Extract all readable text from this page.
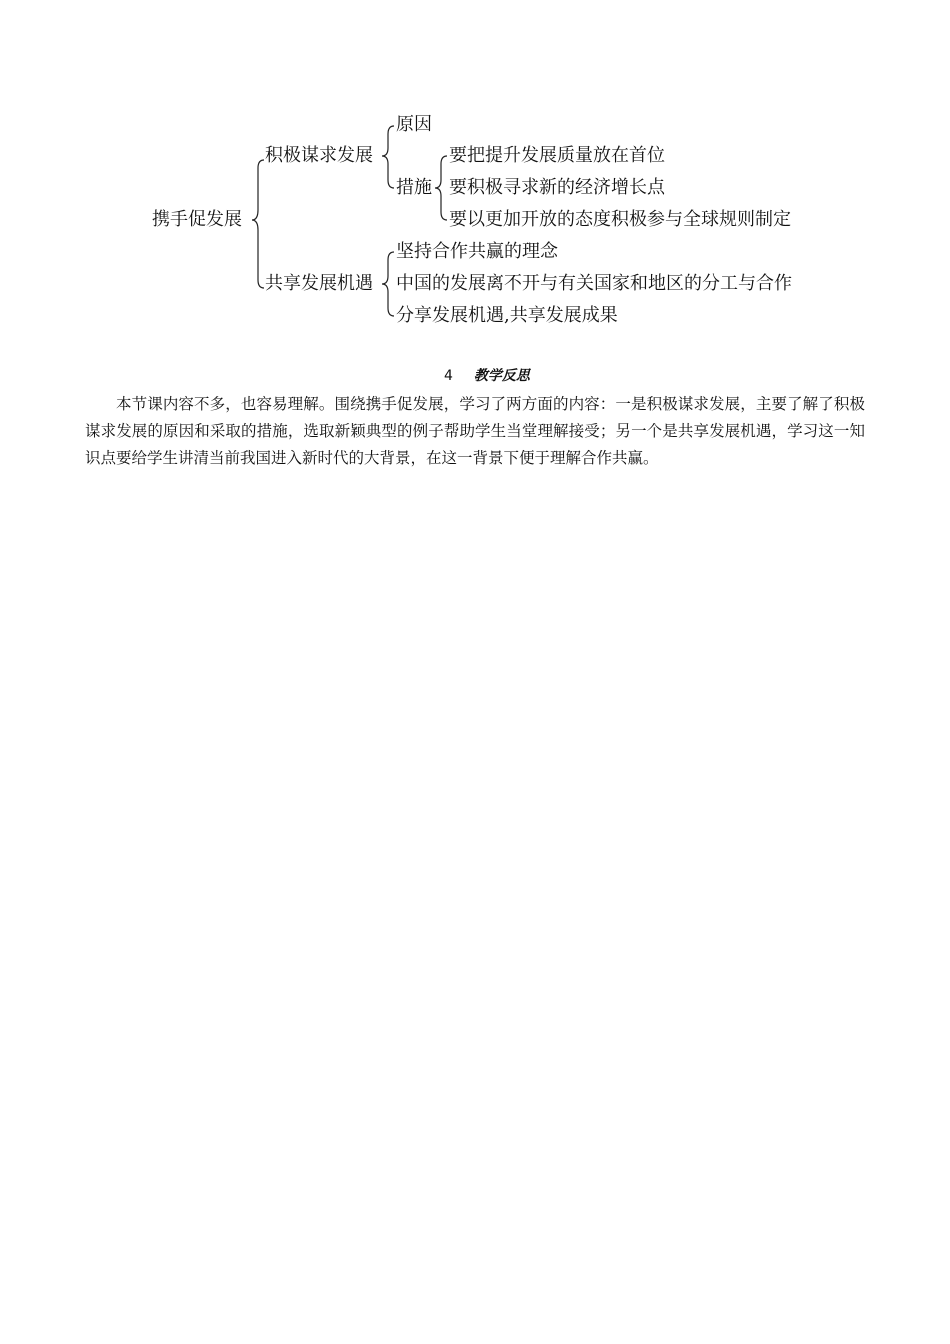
携手促发展
积极谋求发展
原因
措施
要把提升发展质量放在首位
要积极寻求新的经济增长点
要以更加开放的态度积极参与全球规则制定
共享发展机遇
坚持合作共赢的理念
中国的发展离不开与有关国家和地区的分工与合作
分享发展机遇,共享发展成果
4 教学反思
本节课内容不多，也容易理解。围绕携手促发展，学习了两方面的内容：一是积极谋求发展，主要了解了积极谋求发展的原因和采取的措施，选取新颖典型的例子帮助学生当堂理解接受；另一个是共享发展机遇，学习这一知识点要给学生讲清当前我国进入新时代的大背景，在这一背景下便于理解合作共赢。
